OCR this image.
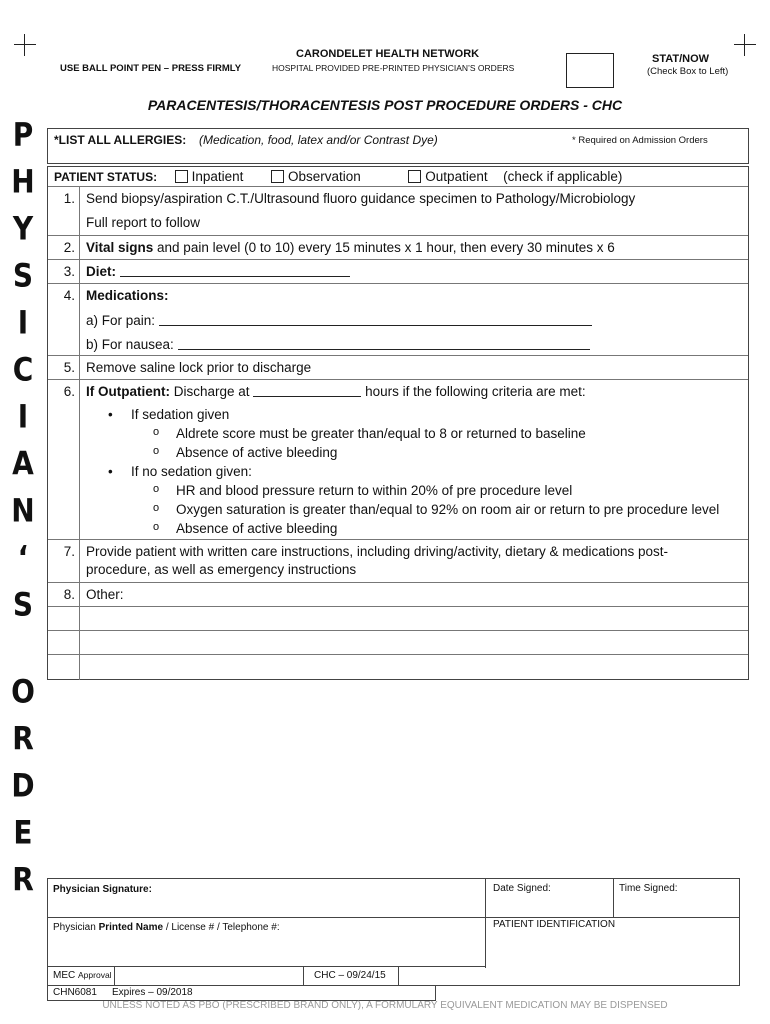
USE BALL POINT PEN – PRESS FIRMLY
CARONDELET HEALTH NETWORK
HOSPITAL PROVIDED PRE-PRINTED PHYSICIAN’S ORDERS
STAT/NOW
(Check Box to Left)
PARACENTESIS/THORACENTESIS POST PROCEDURE ORDERS - CHC
P
H
Y
S
I
C
I
A
N
‘
S
O
R
D
E
R
*LIST ALL ALLERGIES: (Medication, food, latex and/or Contrast Dye)	* Required on Admission Orders
PATIENT STATUS:	Inpatient	Observation	Outpatient (check if applicable)
1. Send biopsy/aspiration C.T./Ultrasound fluoro guidance specimen to Pathology/Microbiology
Full report to follow
2. Vital signs and pain level (0 to 10) every 15 minutes x 1 hour, then every 30 minutes x 6
3. Diet:
4. Medications:
a) For pain:
b) For nausea:
5. Remove saline lock prior to discharge
6. If Outpatient: Discharge at	hours if the following criteria are met:
• If sedation given
o Aldrete score must be greater than/equal to 8 or returned to baseline
o Absence of active bleeding
• If no sedation given:
o HR and blood pressure return to within 20% of pre procedure level
o Oxygen saturation is greater than/equal to 92% on room air or return to pre procedure level
o Absence of active bleeding
7. Provide patient with written care instructions, including driving/activity, dietary & medications post-
procedure, as well as emergency instructions
8. Other:
Physician Signature:	Date Signed:	Time Signed:
Physician Printed Name / License # / Telephone #:	PATIENT IDENTIFICATION
MEC Approval	CHC – 09/24/15
CHN6081 Expires – 09/2018
UNLESS NOTED AS PBO (PRESCRIBED BRAND ONLY), A FORMULARY EQUIVALENT MEDICATION MAY BE DISPENSED
